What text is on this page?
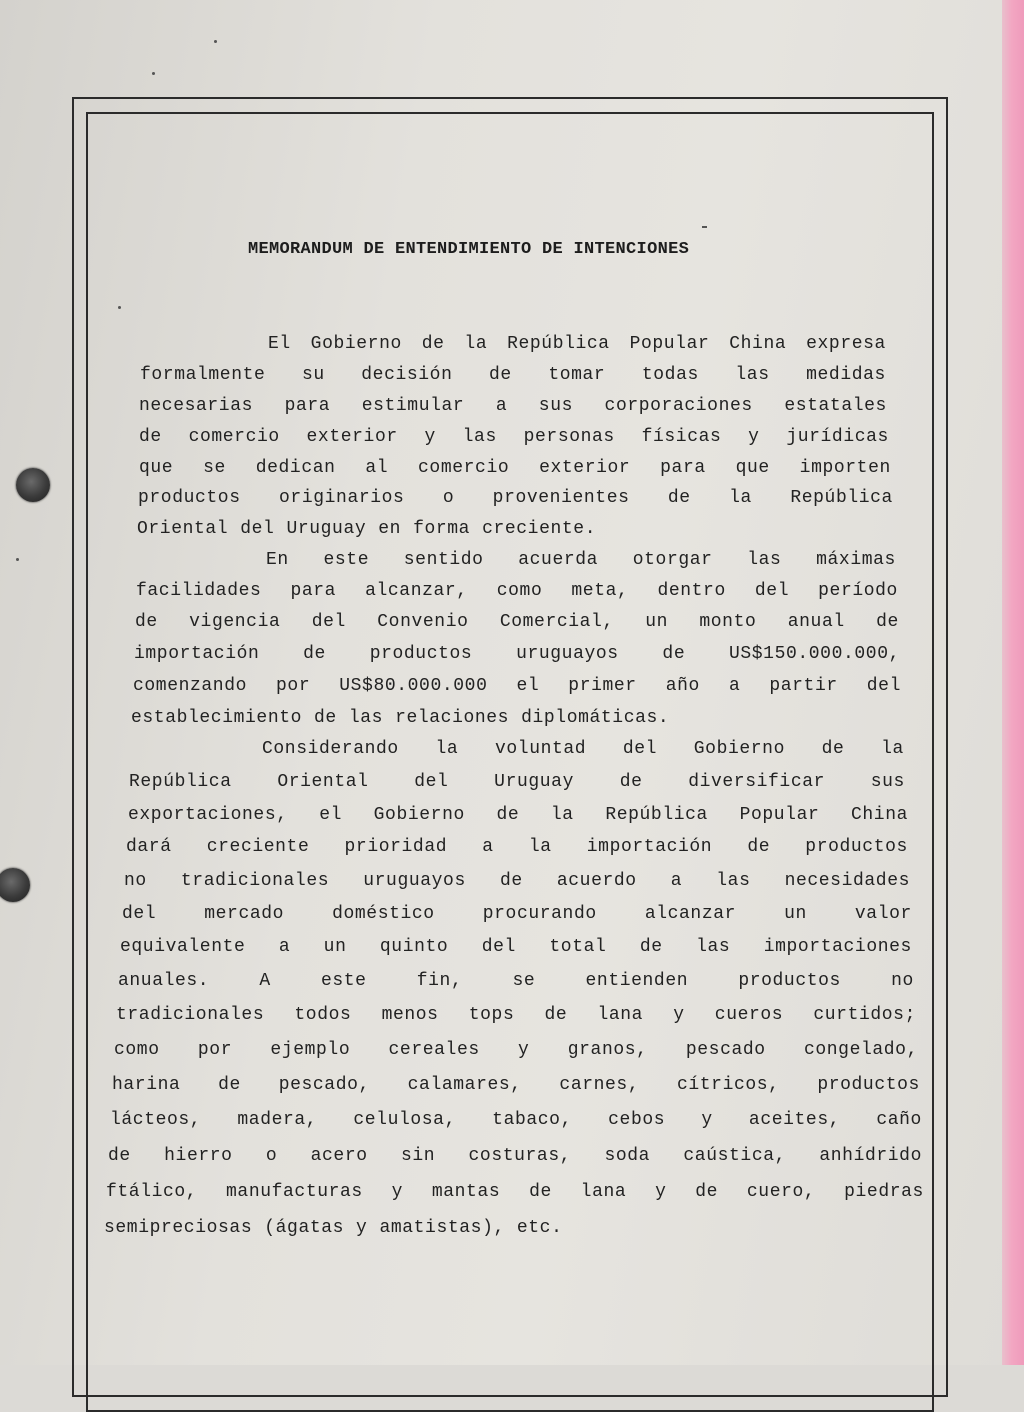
MEMORANDUM DE ENTENDIMIENTO DE INTENCIONES
El Gobierno de la República Popular China expresa
formalmente su decisión de tomar todas las medidas
necesarias para estimular a sus corporaciones estatales
de comercio exterior y las personas físicas y jurídicas
que se dedican al comercio exterior para que importen
productos originarios o provenientes de la República
Oriental del Uruguay en forma creciente.
En este sentido acuerda otorgar las máximas
facilidades para alcanzar, como meta, dentro del período
de vigencia del Convenio Comercial, un monto anual de
importación de productos uruguayos de US$150.000.000,
comenzando por US$80.000.000 el primer año a partir del
establecimiento de las relaciones diplomáticas.
Considerando la voluntad del Gobierno de la
República	Oriental	del	Uruguay	de	diversificar	sus
exportaciones, el Gobierno de la República Popular China
dará creciente prioridad a la importación de productos
no tradicionales uruguayos de acuerdo a las necesidades
del	mercado	doméstico	procurando	alcanzar	un	valor
equivalente a un quinto del total de las importaciones
anuales.	A	este	fin,	se	entienden	productos	no
tradicionales todos menos tops de lana y cueros curtidos;
como por ejemplo cereales y granos, pescado congelado,
harina de pescado, calamares, carnes, cítricos, productos
lácteos, madera, celulosa, tabaco, cebos y aceites, caño
de hierro o acero sin costuras, soda caústica, anhídrido
ftálico, manufacturas y mantas de lana y de cuero, piedras
semipreciosas (ágatas y amatistas), etc.
